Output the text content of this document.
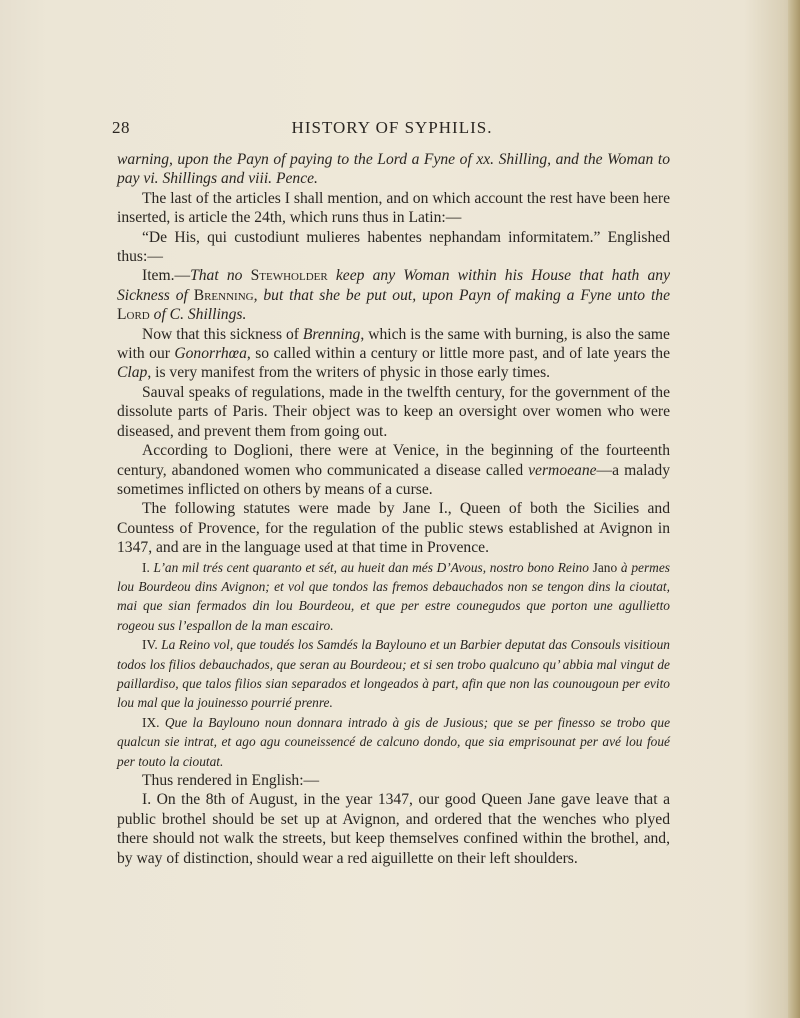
28	HISTORY OF SYPHILIS.

warning, upon the Payn of paying to the Lord a Fyne of xx. Shilling, and the Woman to pay vi. Shillings and viii. Pence.

The last of the articles I shall mention, and on which account the rest have been here inserted, is article the 24th, which runs thus in Latin:—

“De His, qui custodiunt mulieres habentes nephandam informitatem.” Englished thus:—

Item.—That no Stewholder keep any Woman within his House that hath any Sickness of Brenning, but that she be put out, upon Payn of making a Fyne unto the Lord of C. Shillings.

Now that this sickness of Brenning, which is the same with burning, is also the same with our Gonorrhœa, so called within a century or little more past, and of late years the Clap, is very manifest from the writers of physic in those early times.

Sauval speaks of regulations, made in the twelfth century, for the government of the dissolute parts of Paris. Their object was to keep an oversight over women who were diseased, and prevent them from going out.

According to Doglioni, there were at Venice, in the beginning of the fourteenth century, abandoned women who communicated a disease called vermoeane—a malady sometimes inflicted on others by means of a curse.

The following statutes were made by Jane I., Queen of both the Sicilies and Countess of Provence, for the regulation of the public stews established at Avignon in 1347, and are in the language used at that time in Provence.

I. L’an mil trés cent quaranto et sét, au hueit dan més D’Avous, nostro bono Reino Jano à permes lou Bourdeou dins Avignon; et vol que tondos las fremos debauchados non se tengon dins la cioutat, mai que sian fermados din lou Bourdeou, et que per estre counegudos que porton une agullietto rogeou sus l’espallon de la man escairo.

IV. La Reino vol, que toudés los Samdés la Baylouno et un Barbier deputat das Consouls visitioun todos los filios debauchados, que seran au Bourdeou; et si sen trobo qualcuno qu’ abbia mal vingut de paillardiso, que talos filios sian separados et longeados à part, afin que non las counougoun per evito lou mal que la jouinesso pourrié prenre.

IX. Que la Baylouno noun donnara intrado à gis de Jusious; que se per finesso se trobo que qualcun sie intrat, et ago agu couneissencé de calcuno dondo, que sia emprisounat per avé lou foué per touto la cioutat.

Thus rendered in English:—

I. On the 8th of August, in the year 1347, our good Queen Jane gave leave that a public brothel should be set up at Avignon, and ordered that the wenches who plyed there should not walk the streets, but keep themselves confined within the brothel, and, by way of distinction, should wear a red aiguillette on their left shoulders.
